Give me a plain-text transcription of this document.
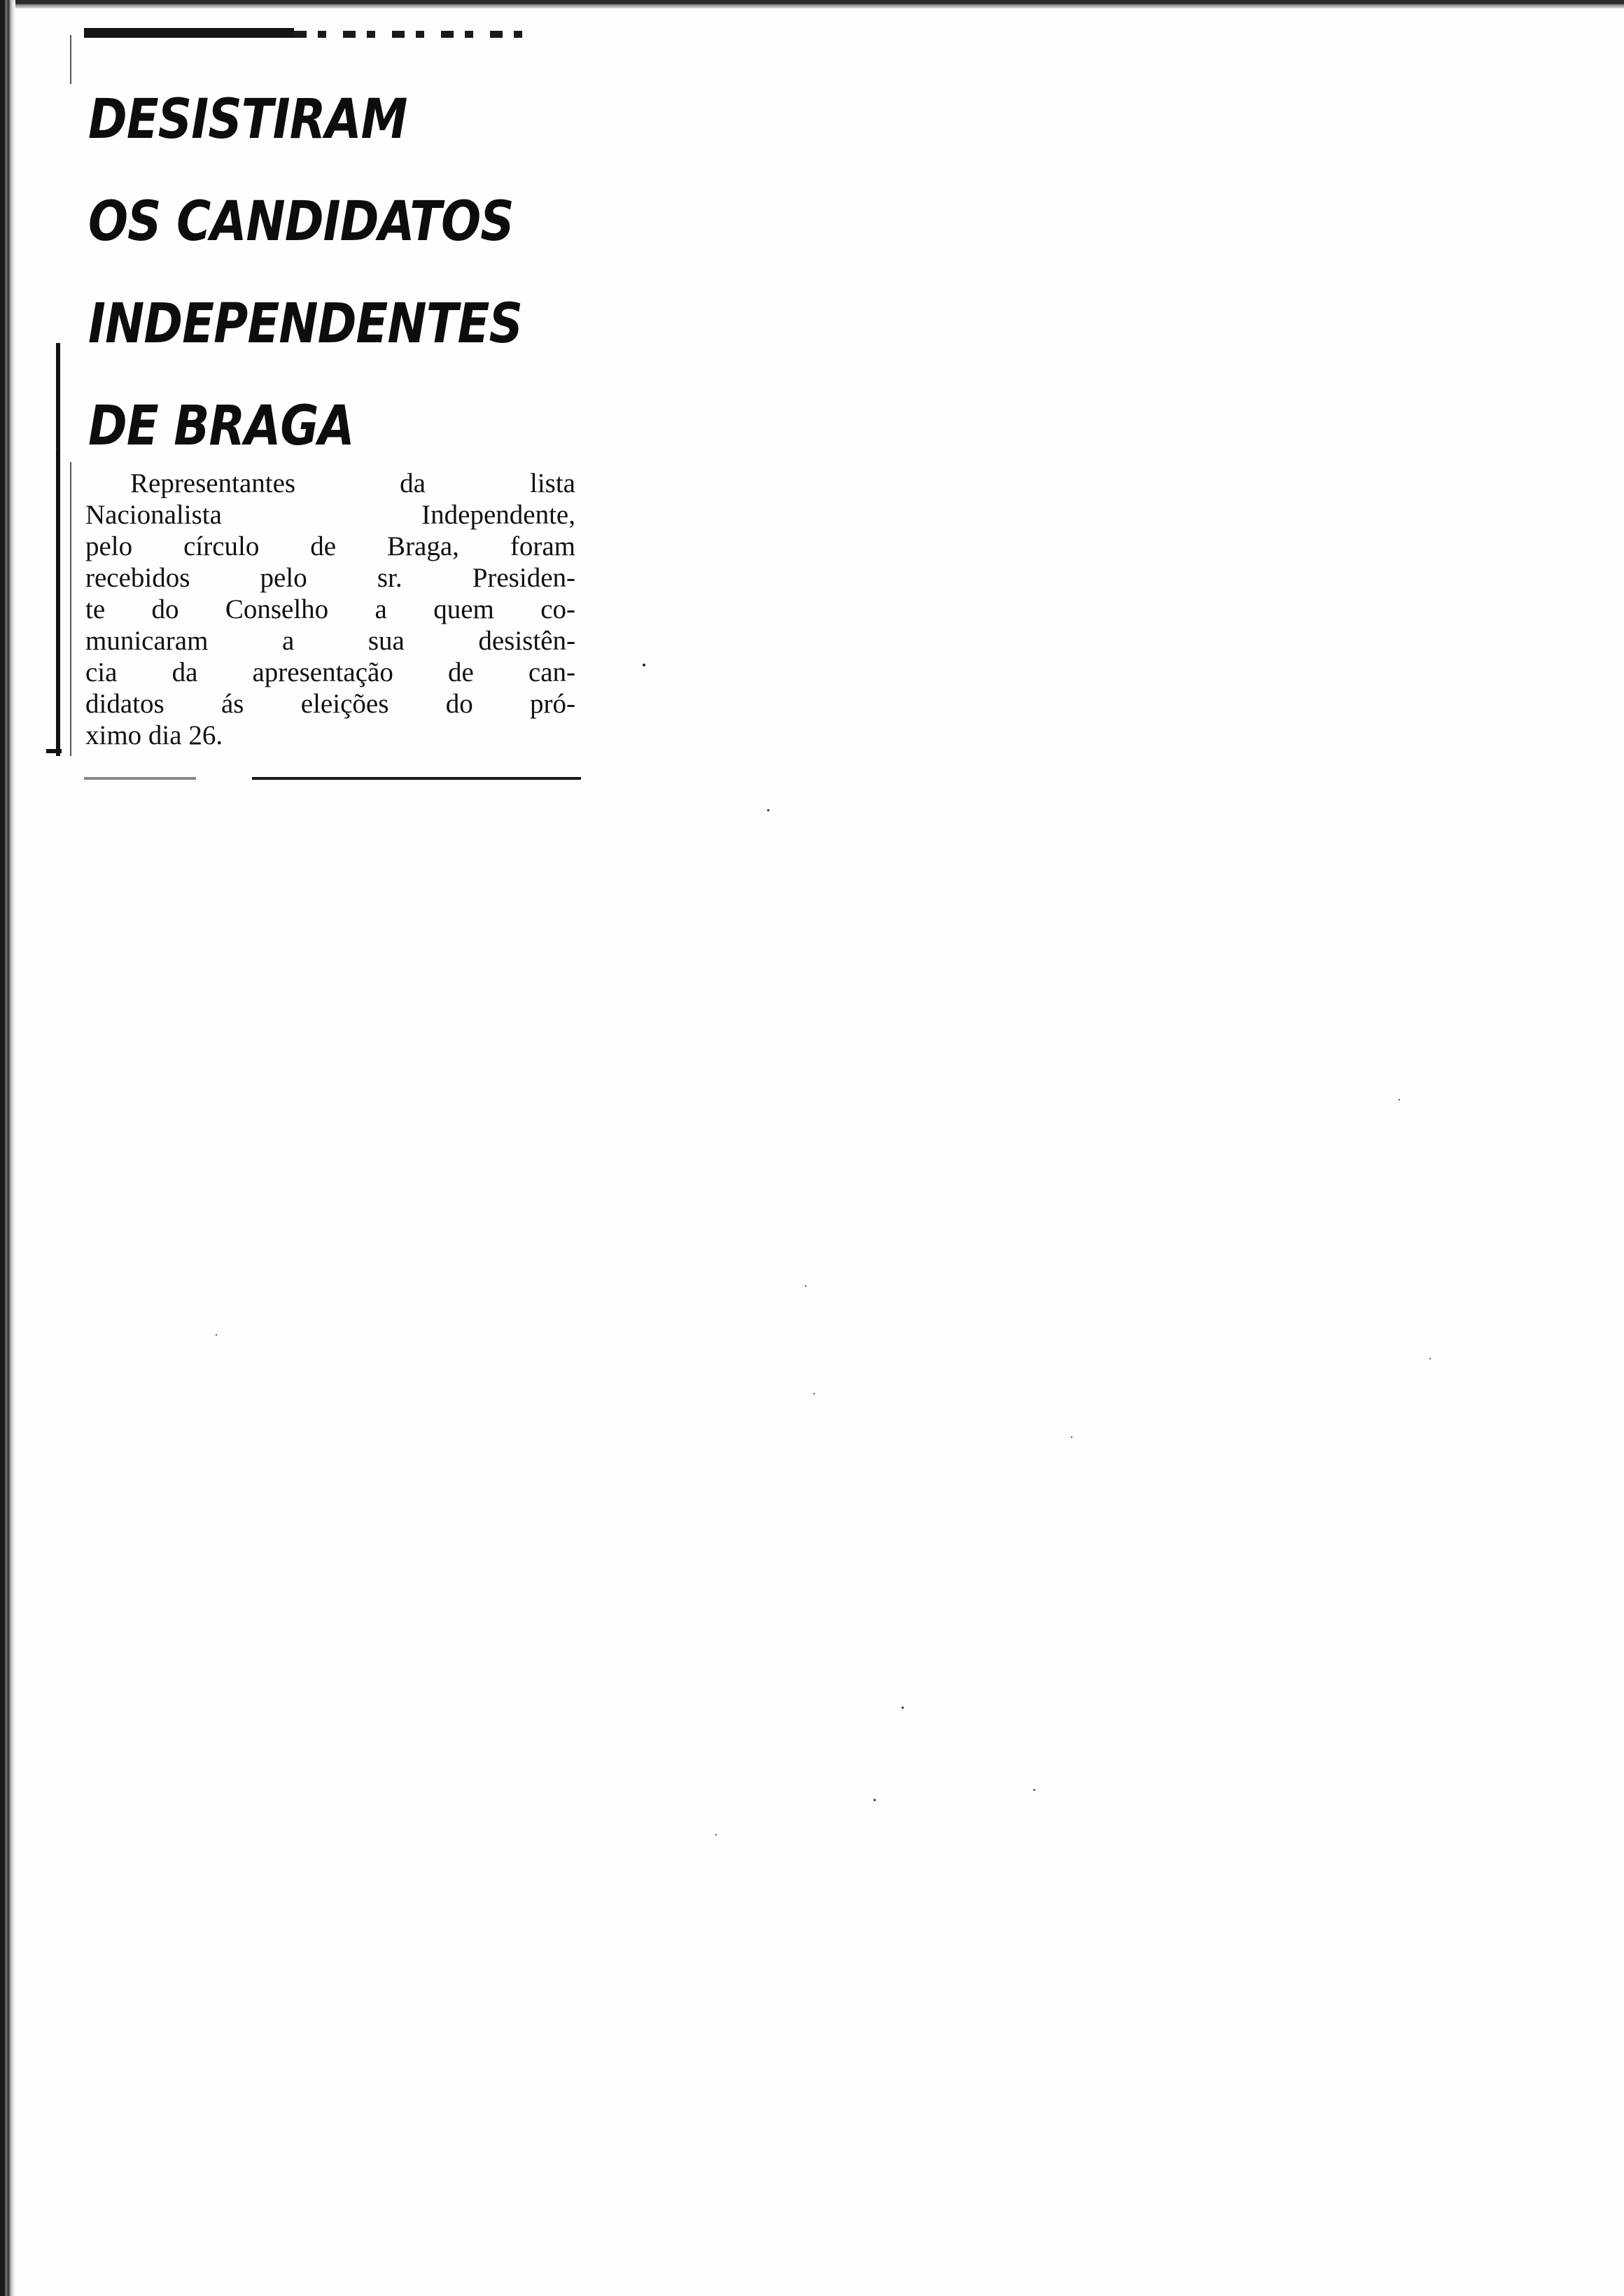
DESISTIRAM
OS CANDIDATOS
INDEPENDENTES
DE BRAGA

Representantes da lista
Nacionalista Independente,
pelo círculo de Braga, foram
recebidos pelo sr. Presiden-
te do Conselho a quem co-
municaram a sua desistên-
cia da apresentação de can-
didatos ás eleições do pró-
ximo dia 26.
